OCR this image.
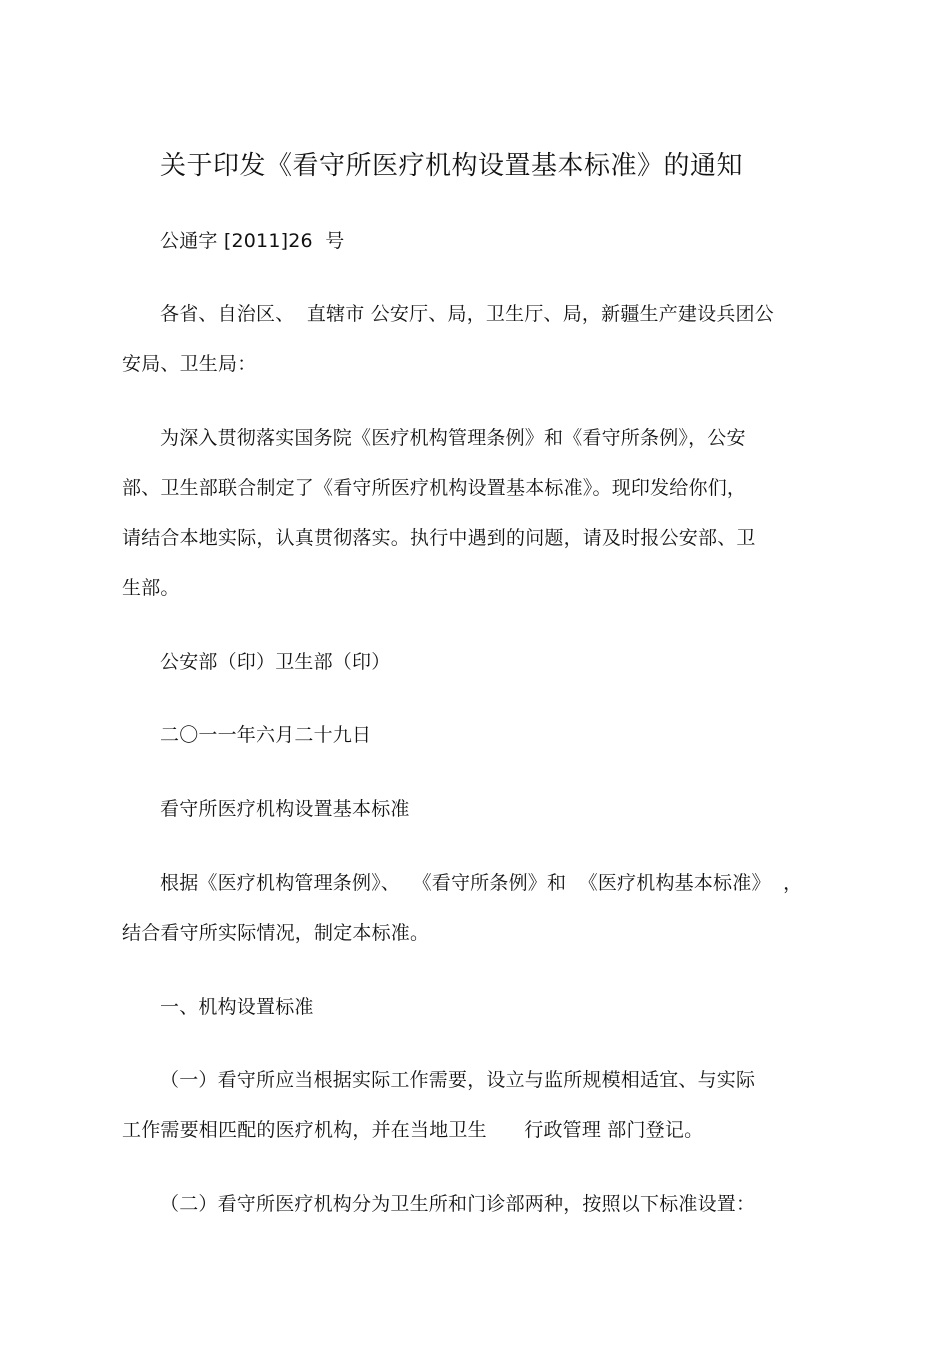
关于印发《看守所医疗机构设置基本标准》的通知
公通字 [2011]26  号
各省、自治区、  直辖市 公安厅、局，卫生厅、局，新疆生产建设兵团公
安局、卫生局：
为深入贯彻落实国务院《医疗机构管理条例》和《看守所条例》，公安
部、卫生部联合制定了《看守所医疗机构设置基本标准》。现印发给你们，
请结合本地实际，认真贯彻落实。执行中遇到的问题，请及时报公安部、卫
生部。
公安部（印）卫生部（印）
二〇一一年六月二十九日
看守所医疗机构设置基本标准
根据《医疗机构管理条例》、  《看守所条例》和  《医疗机构基本标准》  ，
结合看守所实际情况，制定本标准。
一、机构设置标准
（一）看守所应当根据实际工作需要，设立与监所规模相适宜、与实际
工作需要相匹配的医疗机构，并在当地卫生      行政管理 部门登记。
（二）看守所医疗机构分为卫生所和门诊部两种，按照以下标准设置：
